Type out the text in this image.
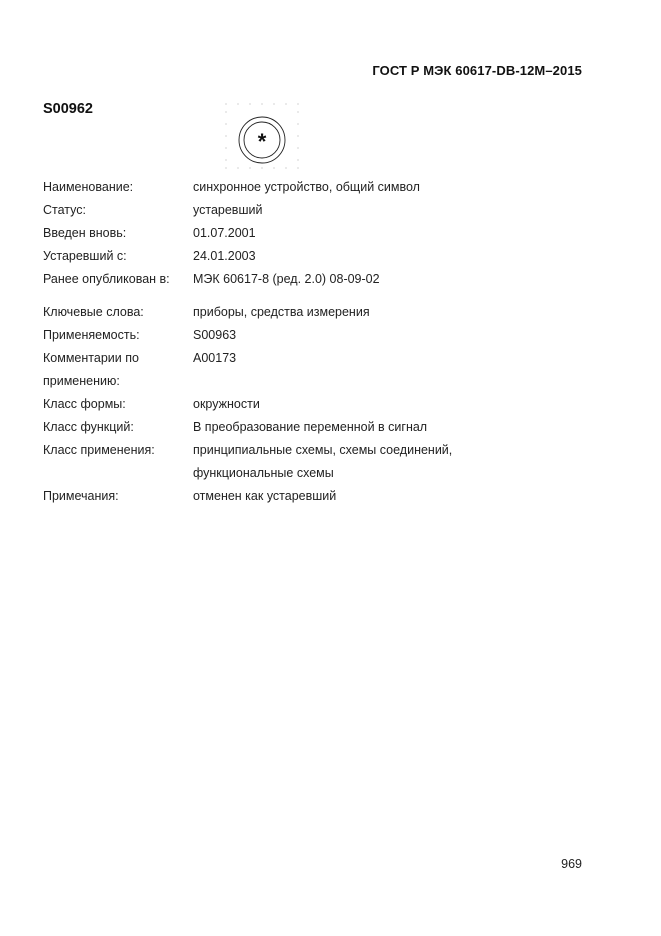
ГОСТ Р МЭК 60617-DB-12M–2015
S00962
*
Наименование:	синхронное устройство, общий символ
Статус:	устаревший
Введен вновь:	01.07.2001
Устаревший с:	24.01.2003
Ранее опубликован в:	МЭК 60617-8 (ред. 2.0) 08-09-02
Ключевые слова:	приборы, средства измерения
Применяемость:	S00963
Комментарии по	A00173
применению:
Класс формы:	окружности
Класс функций:	В преобразование переменной в сигнал
Класс применения:	принципиальные схемы, схемы соединений,
функциональные схемы
Примечания:	отменен как устаревший
969
